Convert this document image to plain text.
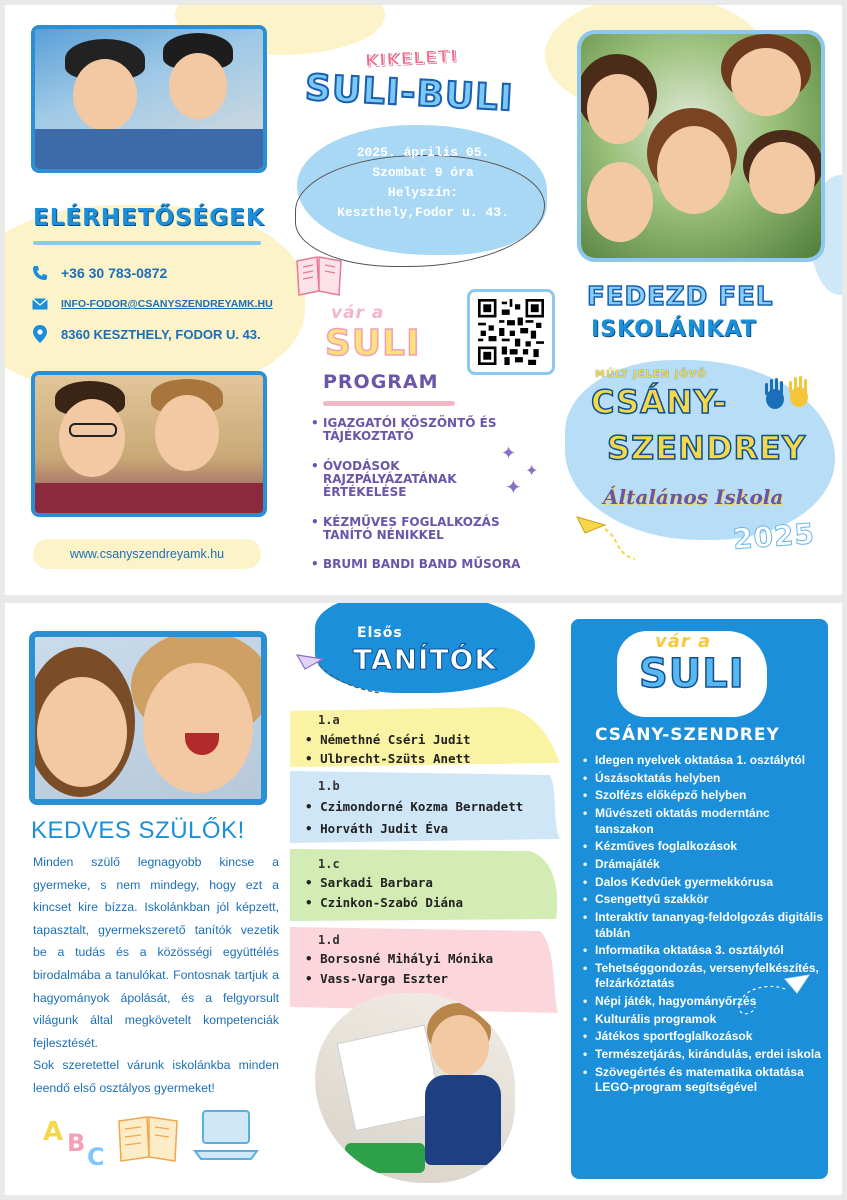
ELÉRHETŐSÉGEK
+36 30 783-0872
INFO-FODOR@CSANYSZENDREYAMK.HU
8360 KESZTHELY, FODOR U. 43.
www.csanyszendreyamk.hu
KIKELETI
SULI-BULI
2025. április 05.
Szombat 9 óra
Helyszín:
Keszthely,Fodor u. 43.
vár a
SULI
PROGRAM
✦
✦
✦
• IGAZGATÓI KÖSZÖNTŐ ÉS TÁJÉKOZTATÓ
• ÓVODÁSOK RAJZPÁLYÁZATÁNAK ÉRTÉKELÉSE
• KÉZMŰVES FOGLALKOZÁS TANÍTÓ NÉNIKKEL
• BRUMI BANDI BAND MŰSORA
FEDEZD FEL
ISKOLÁNKAT
MÚLT JELEN JÖVŐ
CSÁNY-
SZENDREY
Általános Iskola
2025
KEDVES SZÜLŐK!

Minden szülő legnagyobb kincse a gyermeke, s nem mindegy, hogy ezt a kincset kire bízza. Iskolánkban jól képzett, tapasztalt, gyermekszerető tanítók vezetik be a tudás és a közösségi együttélés birodalmába a tanulókat. Fontosnak tartjuk a hagyományok ápolását, és a felgyorsult világunk által megkövetelt kompetenciák fejlesztését.

Sok szeretettel várunk iskolánkba minden leendő első osztályos gyermeket!

A B C
Elsős
TANÍTÓK
1.a
• Némethné Cséri Judit
• Ulbrecht-Szüts Anett
1.b
• Czimondorné Kozma Bernadett
• Horváth Judit Éva
1.c
• Sarkadi Barbara
• Czinkon-Szabó Diána
1.d
• Borsosné Mihályi Mónika
• Vass-Varga Eszter
vár a
SULI
CSÁNY-SZENDREY
• Idegen nyelvek oktatása 1. osztálytól
• Úszásoktatás helyben
• Szolfézs előképző helyben
• Művészeti oktatás moderntánc tanszakon
• Kézműves foglalkozások
• Drámajáték
• Dalos Kedvűek gyermekkórusa
• Csengettyű szakkör
• Interaktív tananyag-feldolgozás digitális táblán
• Informatika oktatása 3. osztálytól
• Tehetséggondozás, versenyfelkészítés, felzárkóztatás
• Népi játék, hagyományőrzés
• Kulturális programok
• Játékos sportfoglalkozások
• Természetjárás, kirándulás, erdei iskola
• Szövegértés és matematika oktatása LEGO-program segítségével
